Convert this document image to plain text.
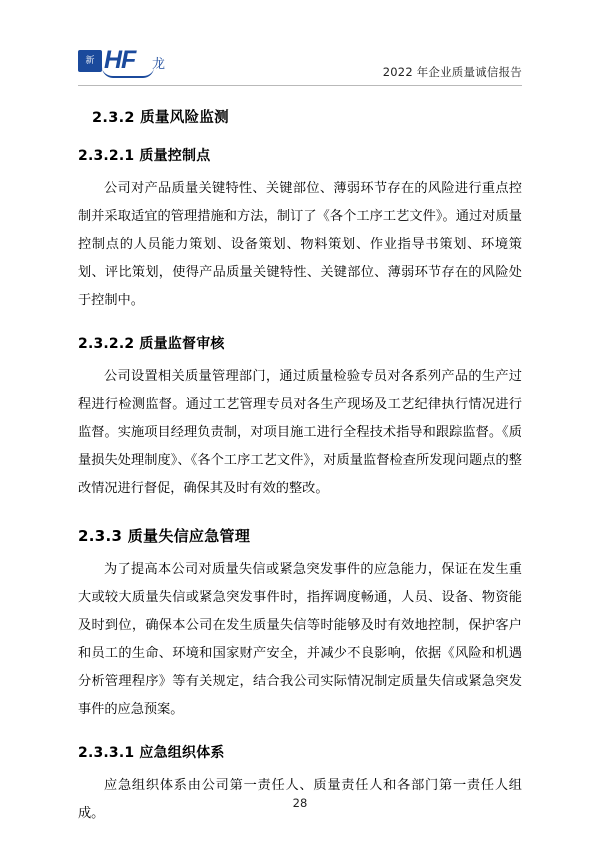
新 HF 龙	2022 年企业质量诚信报告
2.3.2 质量风险监测
2.3.2.1 质量控制点

公司对产品质量关键特性、关键部位、薄弱环节存在的风险进行重点控制并采取适宜的管理措施和方法，制订了《各个工序工艺文件》。通过对质量控制点的人员能力策划、设备策划、物料策划、作业指导书策划、环境策划、评比策划，使得产品质量关键特性、关键部位、薄弱环节存在的风险处于控制中。

2.3.2.2 质量监督审核

公司设置相关质量管理部门，通过质量检验专员对各系列产品的生产过程进行检测监督。通过工艺管理专员对各生产现场及工艺纪律执行情况进行监督。实施项目经理负责制，对项目施工进行全程技术指导和跟踪监督。《质量损失处理制度》、《各个工序工艺文件》，对质量监督检查所发现问题点的整改情况进行督促，确保其及时有效的整改。

2.3.3 质量失信应急管理

为了提高本公司对质量失信或紧急突发事件的应急能力，保证在发生重大或较大质量失信或紧急突发事件时，指挥调度畅通，人员、设备、物资能及时到位，确保本公司在发生质量失信等时能够及时有效地控制，保护客户和员工的生命、环境和国家财产安全，并减少不良影响，依据《风险和机遇分析管理程序》等有关规定，结合我公司实际情况制定质量失信或紧急突发事件的应急预案。

2.3.3.1 应急组织体系

应急组织体系由公司第一责任人、质量责任人和各部门第一责任人组成。

28
